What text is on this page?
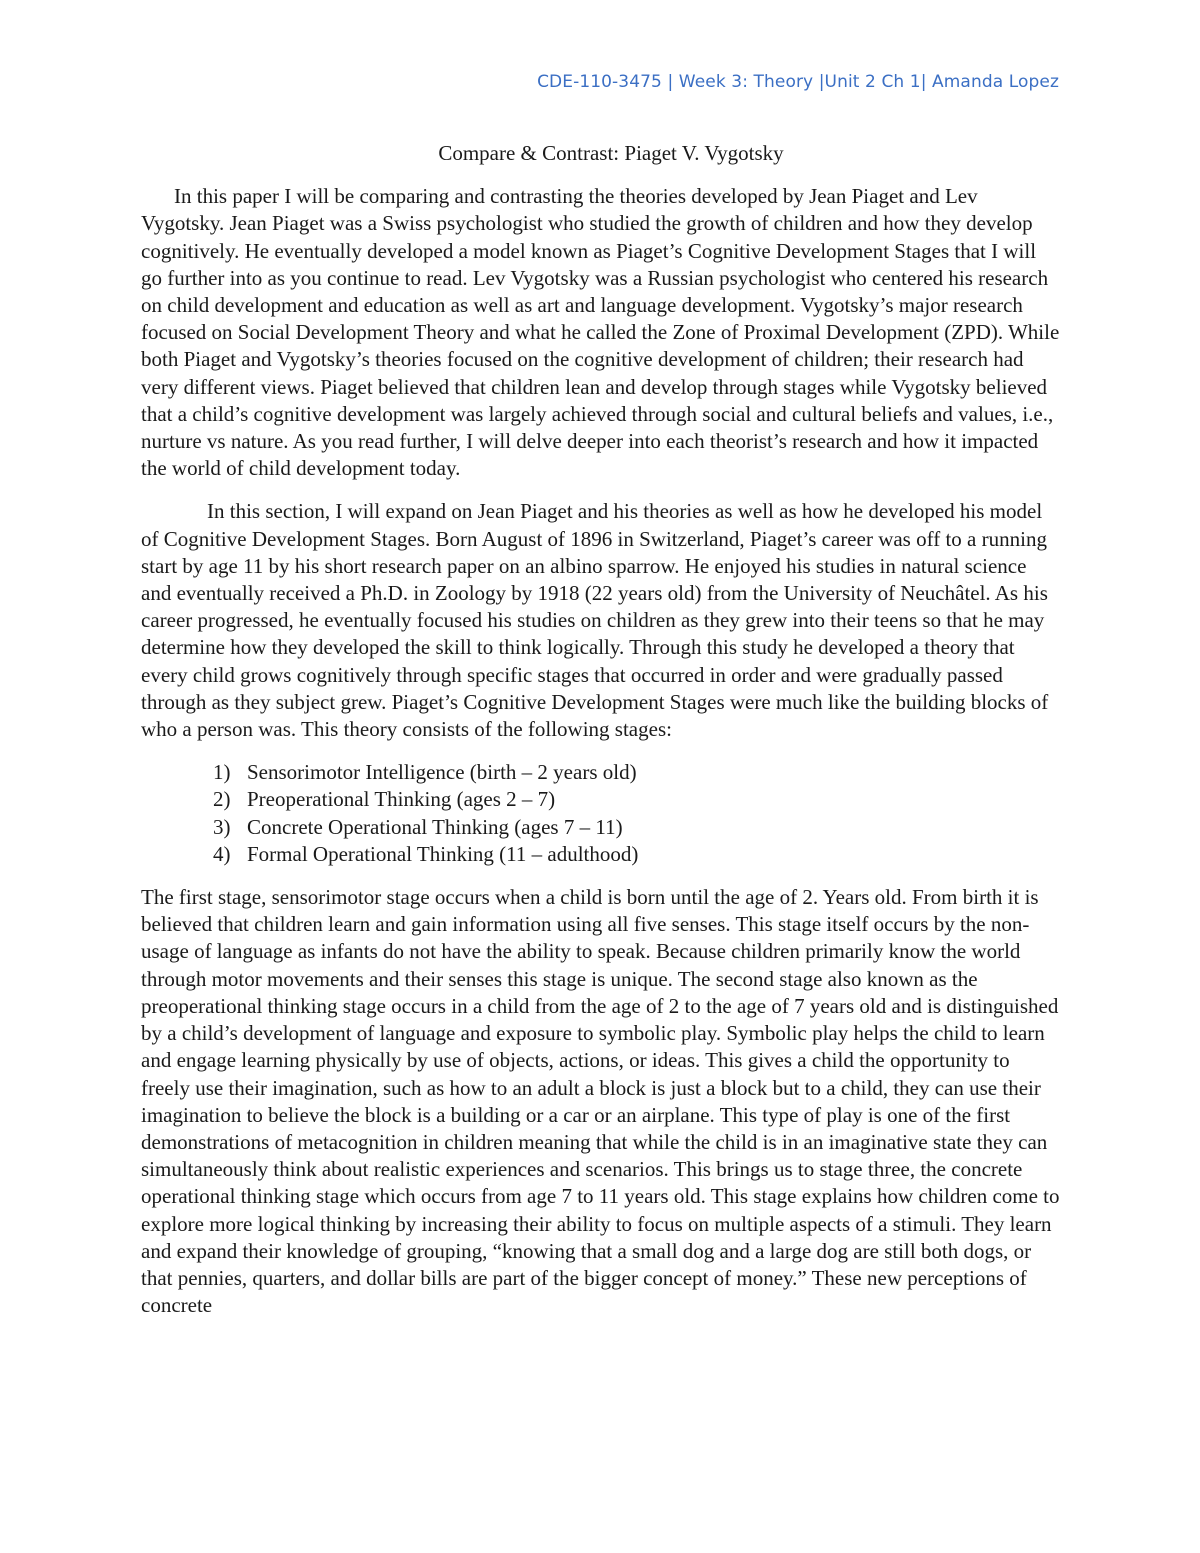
CDE-110-3475 | Week 3: Theory |Unit 2 Ch 1| Amanda Lopez

Compare & Contrast: Piaget V. Vygotsky

In this paper I will be comparing and contrasting the theories developed by Jean Piaget and Lev Vygotsky. Jean Piaget was a Swiss psychologist who studied the growth of children and how they develop cognitively. He eventually developed a model known as Piaget’s Cognitive Development Stages that I will go further into as you continue to read. Lev Vygotsky was a Russian psychologist who centered his research on child development and education as well as art and language development. Vygotsky’s major research focused on Social Development Theory and what he called the Zone of Proximal Development (ZPD). While both Piaget and Vygotsky’s theories focused on the cognitive development of children; their research had very different views. Piaget believed that children lean and develop through stages while Vygotsky believed that a child’s cognitive development was largely achieved through social and cultural beliefs and values, i.e., nurture vs nature. As you read further, I will delve deeper into each theorist’s research and how it impacted the world of child development today.

In this section, I will expand on Jean Piaget and his theories as well as how he developed his model of Cognitive Development Stages. Born August of 1896 in Switzerland, Piaget’s career was off to a running start by age 11 by his short research paper on an albino sparrow. He enjoyed his studies in natural science and eventually received a Ph.D. in Zoology by 1918 (22 years old) from the University of Neuchâtel. As his career progressed, he eventually focused his studies on children as they grew into their teens so that he may determine how they developed the skill to think logically. Through this study he developed a theory that every child grows cognitively through specific stages that occurred in order and were gradually passed through as they subject grew. Piaget’s Cognitive Development Stages were much like the building blocks of who a person was. This theory consists of the following stages:

1) Sensorimotor Intelligence (birth – 2 years old)
2) Preoperational Thinking (ages 2 – 7)
3) Concrete Operational Thinking (ages 7 – 11)
4) Formal Operational Thinking (11 – adulthood)

The first stage, sensorimotor stage occurs when a child is born until the age of 2. Years old. From birth it is believed that children learn and gain information using all five senses. This stage itself occurs by the non-usage of language as infants do not have the ability to speak. Because children primarily know the world through motor movements and their senses this stage is unique. The second stage also known as the preoperational thinking stage occurs in a child from the age of 2 to the age of 7 years old and is distinguished by a child’s development of language and exposure to symbolic play. Symbolic play helps the child to learn and engage learning physically by use of objects, actions, or ideas. This gives a child the opportunity to freely use their imagination, such as how to an adult a block is just a block but to a child, they can use their imagination to believe the block is a building or a car or an airplane. This type of play is one of the first demonstrations of metacognition in children meaning that while the child is in an imaginative state they can simultaneously think about realistic experiences and scenarios. This brings us to stage three, the concrete operational thinking stage which occurs from age 7 to 11 years old. This stage explains how children come to explore more logical thinking by increasing their ability to focus on multiple aspects of a stimuli. They learn and expand their knowledge of grouping, “knowing that a small dog and a large dog are still both dogs, or that pennies, quarters, and dollar bills are part of the bigger concept of money.” These new perceptions of concrete
